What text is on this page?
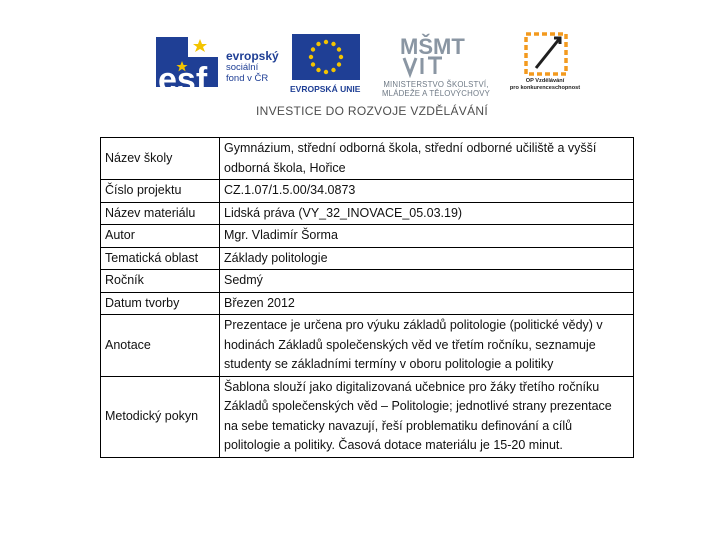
esf
evropský
sociální
fond v ČR
EVROPSKÁ UNIE
MŠMT
MINISTERSTVO ŠKOLSTVÍ,
MLÁDEŽE A TĚLOVÝCHOVY
OP Vzdělávání
pro konkurenceschopnost
INVESTICE DO ROZVOJE VZDĚLÁVÁNÍ
Název školy	Gymnázium, střední odborná škola, střední odborné učiliště a vyšší odborná škola, Hořice
Číslo projektu	CZ.1.07/1.5.00/34.0873
Název materiálu	Lidská práva (VY_32_INOVACE_05.03.19)
Autor	Mgr. Vladimír Šorma
Tematická oblast	Základy politologie
Ročník	Sedmý
Datum tvorby	Březen 2012
Anotace	Prezentace je určena pro výuku základů politologie (politické vědy) v hodinách Základů společenských věd ve třetím ročníku, seznamuje studenty se základními termíny v oboru politologie a politiky
Metodický pokyn	Šablona slouží jako digitalizovaná učebnice pro žáky třetího ročníku Základů společenských věd – Politologie; jednotlivé strany prezentace na sebe tematicky navazují, řeší problematiku definování a cílů politologie a politiky. Časová dotace materiálu je 15-20 minut.
